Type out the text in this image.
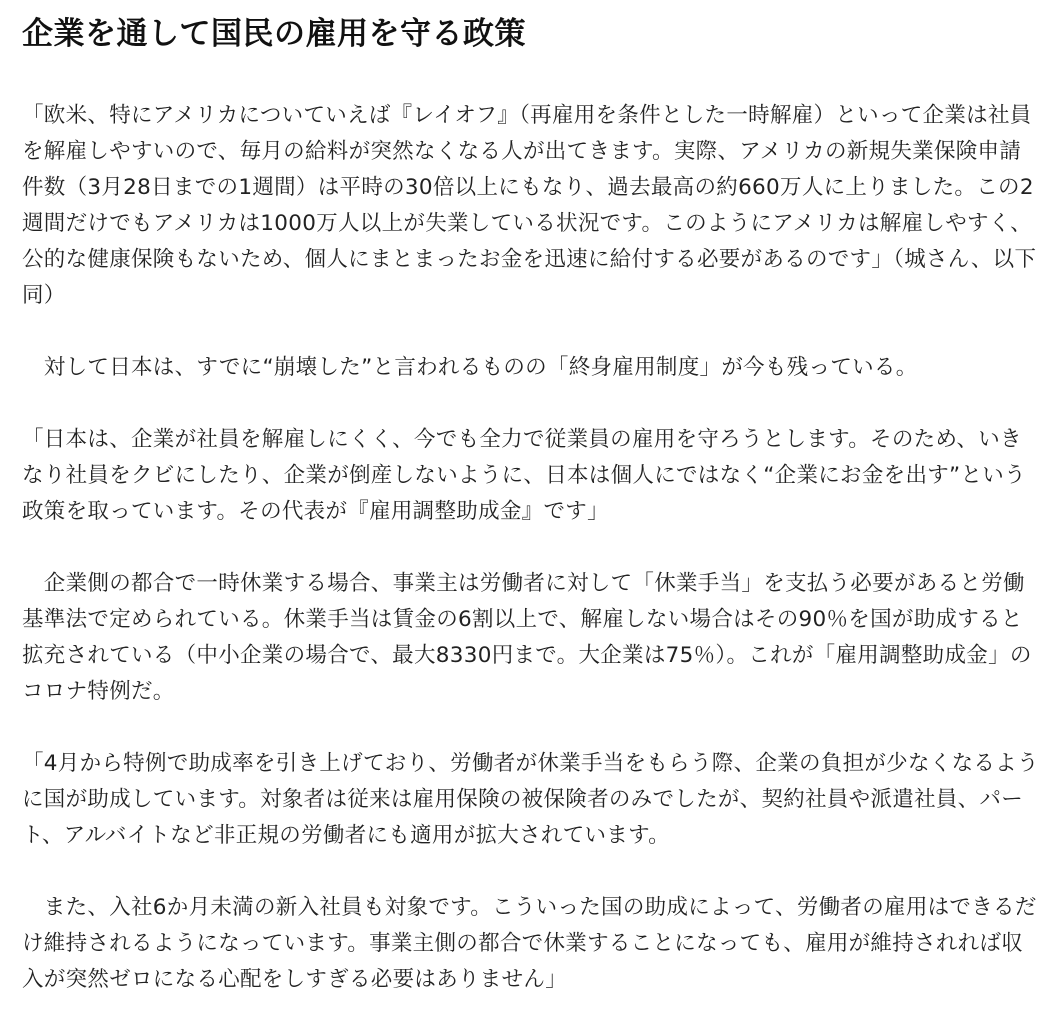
企業を通して国民の雇用を守る政策

「欧米、特にアメリカについていえば『レイオフ』（再雇用を条件とした一時解雇）といって企業は社員を解雇しやすいので、毎月の給料が突然なくなる人が出てきます。実際、アメリカの新規失業保険申請件数（3月28日までの1週間）は平時の30倍以上にもなり、過去最高の約660万人に上りました。この2週間だけでもアメリカは1000万人以上が失業している状況です。このようにアメリカは解雇しやすく、公的な健康保険もないため、個人にまとまったお金を迅速に給付する必要があるのです」（城さん、以下同）

　対して日本は、すでに“崩壊した”と言われるものの「終身雇用制度」が今も残っている。

「日本は、企業が社員を解雇しにくく、今でも全力で従業員の雇用を守ろうとします。そのため、いきなり社員をクビにしたり、企業が倒産しないように、日本は個人にではなく“企業にお金を出す”という政策を取っています。その代表が『雇用調整助成金』です」

　企業側の都合で一時休業する場合、事業主は労働者に対して「休業手当」を支払う必要があると労働基準法で定められている。休業手当は賃金の6割以上で、解雇しない場合はその90％を国が助成すると拡充されている（中小企業の場合で、最大8330円まで。大企業は75％）。これが「雇用調整助成金」のコロナ特例だ。

「4月から特例で助成率を引き上げており、労働者が休業手当をもらう際、企業の負担が少なくなるように国が助成しています。対象者は従来は雇用保険の被保険者のみでしたが、契約社員や派遣社員、パート、アルバイトなど非正規の労働者にも適用が拡大されています。

　また、入社6か月未満の新入社員も対象です。こういった国の助成によって、労働者の雇用はできるだけ維持されるようになっています。事業主側の都合で休業することになっても、雇用が維持されれば収入が突然ゼロになる心配をしすぎる必要はありません」
